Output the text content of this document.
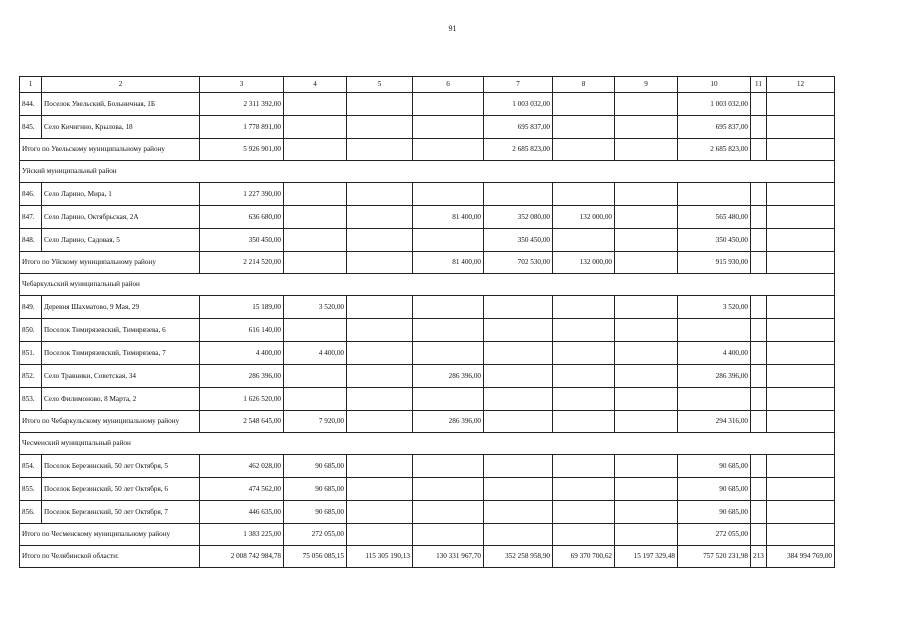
91
1	2	3	4	5	6	7	8	9	10	11	12
844.	Поселок Увельский, Больничная, 1Б	2 311 392,00				1 003 032,00			1 003 032,00		
845.	Село Кичигино, Крылова, 18	1 778 891,00				695 837,00			695 837,00		
Итого по Увельскому муниципальному району		5 926 901,00				2 685 823,00			2 685 823,00		
Уйский муниципальный район											
846.	Село Ларино, Мира, 1	1 227 390,00									
847.	Село Ларино, Октябрьская, 2А	636 680,00			81 400,00	352 080,00	132 000,00		565 480,00		
848.	Село Ларино, Садовая, 5	350 450,00				350 450,00			350 450,00		
Итого по Уйскому муниципальному району		2 214 520,00			81 400,00	702 530,00	132 000,00		915 930,00		
Чебаркульский муниципальный район											
849.	Деревня Шахматово, 9 Мая, 29	15 189,00	3 520,00						3 520,00		
850.	Поселок Тимирязевский, Тимирязева, 6	616 140,00									
851.	Поселок Тимирязевский, Тимирязева, 7	4 400,00	4 400,00						4 400,00		
852.	Село Травники, Советская, 34	286 396,00			286 396,00				286 396,00		
853.	Село Филимоново, 8 Марта, 2	1 626 520,00									
Итого по Чебаркульскому муниципальному району		2 548 645,00	7 920,00		286 396,00				294 316,00		
Чесменский муниципальный район											
854.	Поселок Березинский, 50 лет Октября, 5	462 028,00	90 685,00						90 685,00		
855.	Поселок Березинский, 50 лет Октября, 6	474 562,00	90 685,00						90 685,00		
856.	Поселок Березинский, 50 лет Октября, 7	446 635,00	90 685,00						90 685,00		
Итого по Чесменскому муниципальному району		1 383 225,00	272 055,00						272 055,00		
Итого по Челябинской области:		2 008 742 984,78	75 056 085,15	115 305 190,13	130 331 967,70	352 258 958,90	69 370 700,62	15 197 329,48	757 520 231,98	213	384 994 769,00
